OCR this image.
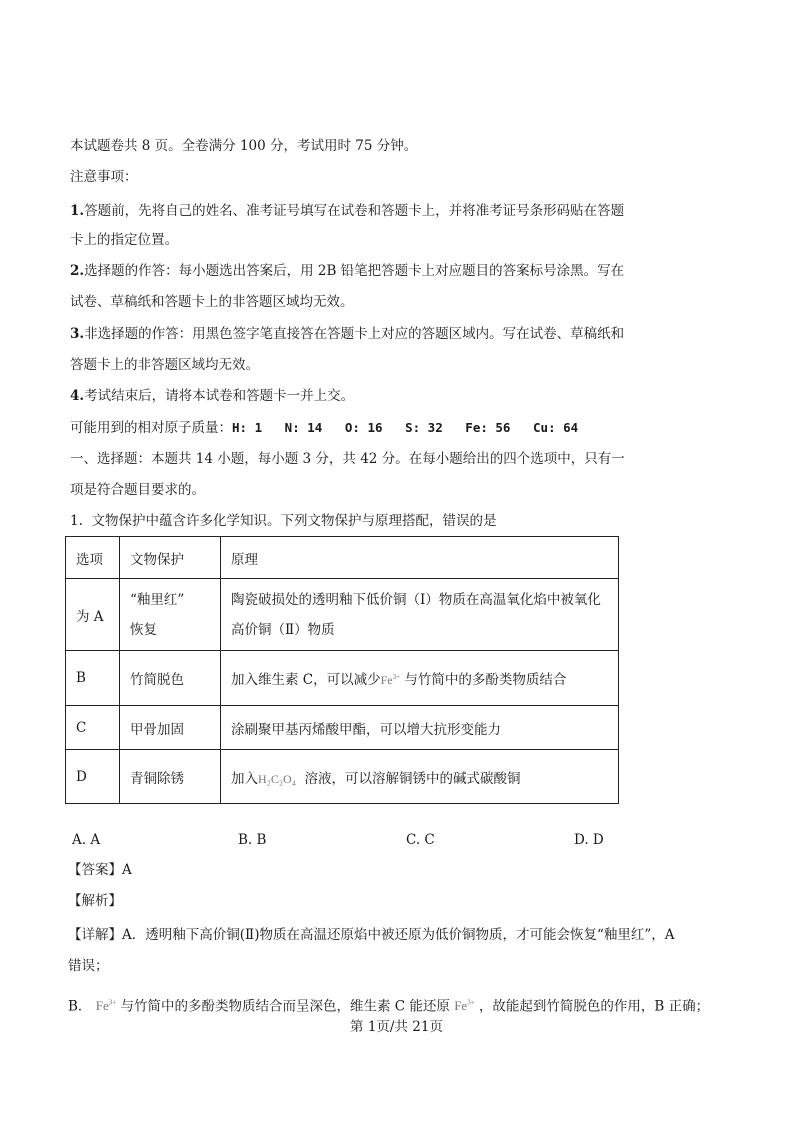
本试题卷共 8 页。全卷满分 100 分，考试用时 75 分钟。
注意事项：
1.答题前，先将自己的姓名、准考证号填写在试卷和答题卡上，并将准考证号条形码贴在答题
卡上的指定位置。
2.选择题的作答：每小题选出答案后，用 2B 铅笔把答题卡上对应题目的答案标号涂黑。写在
试卷、草稿纸和答题卡上的非答题区域均无效。
3.非选择题的作答：用黑色签字笔直接答在答题卡上对应的答题区域内。写在试卷、草稿纸和
答题卡上的非答题区域均无效。
4.考试结束后，请将本试卷和答题卡一并上交。
可能用到的相对原子质量：H: 1   N: 14   O: 16   S: 32   Fe: 56   Cu: 64
一、选择题：本题共 14 小题，每小题 3 分，共 42 分。在每小题给出的四个选项中，只有一
项是符合题目要求的。
1.  文物保护中蕴含许多化学知识。下列文物保护与原理搭配，错误的是
选项	文物保护	原理
为 A	“釉里红”
恢复	陶瓷破损处的透明釉下低价铜（Ⅰ）物质在高温氧化焰中被氧化
高价铜（Ⅱ）物质
B	竹简脱色	加入维生素 C，可以减少$Fe^{3+}$ 与竹简中的多酚类物质结合
C	甲骨加固	涂刷聚甲基丙烯酸甲酯，可以增大抗形变能力
D	青铜除锈	加入H₂C₂O₄  溶液，可以溶解铜锈中的碱式碳酸铜
A. A	B. B	C. C	D. D
【答案】A
【解析】
【详解】A．透明釉下高价铜(Ⅱ)物质在高温还原焰中被还原为低价铜物质，才可能会恢复“釉里红”，A
错误；
B． $Fe^{3+}$ 与竹简中的多酚类物质结合而呈深色，维生素 C 能还原 $Fe^{3+}$ ，故能起到竹简脱色的作用，B 正确；
第 1页/共 21页
